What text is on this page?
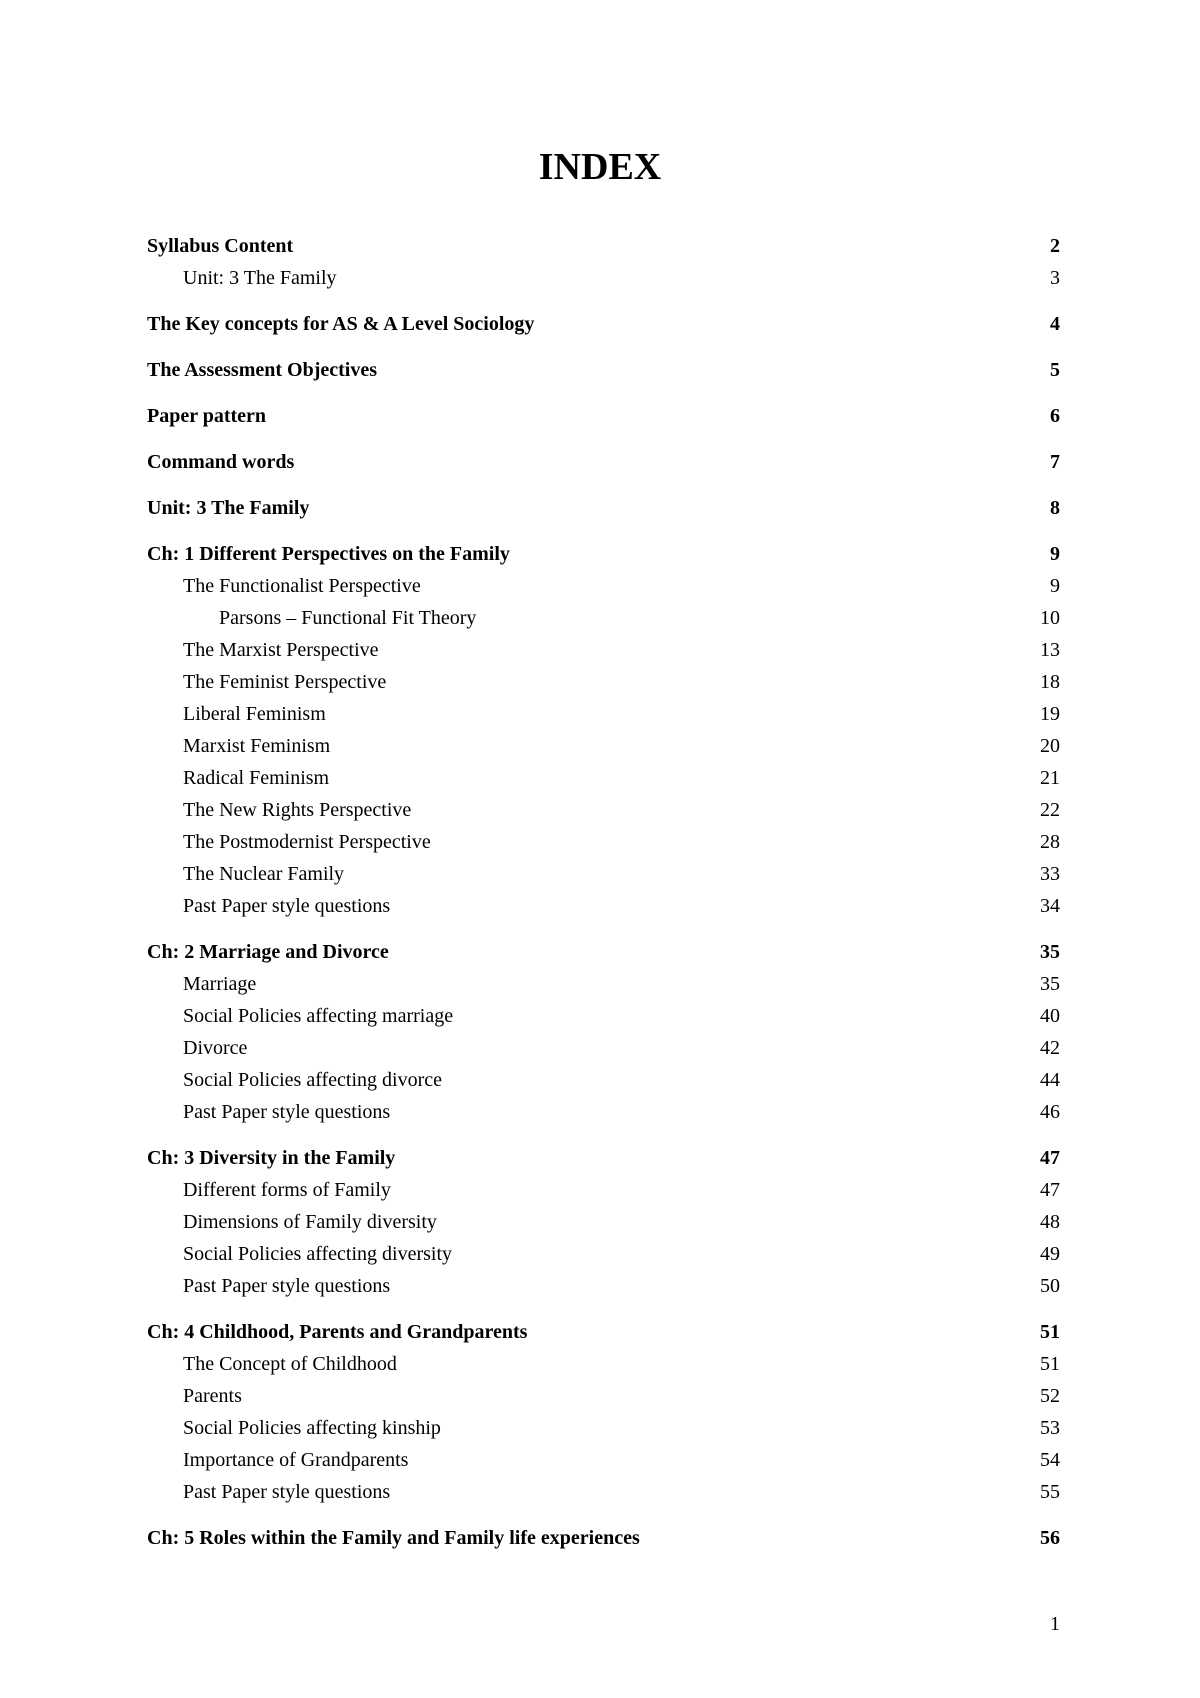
INDEX
Syllabus Content	2
Unit: 3 The Family	3
The Key concepts for AS & A Level Sociology	4
The Assessment Objectives	5
Paper pattern	6
Command words	7
Unit: 3 The Family	8
Ch: 1 Different Perspectives on the Family	9
The Functionalist Perspective	9
Parsons – Functional Fit Theory	10
The Marxist Perspective	13
The Feminist Perspective	18
Liberal Feminism	19
Marxist Feminism	20
Radical Feminism	21
The New Rights Perspective	22
The Postmodernist Perspective	28
The Nuclear Family	33
Past Paper style questions	34
Ch: 2 Marriage and Divorce	35
Marriage	35
Social Policies affecting marriage	40
Divorce	42
Social Policies affecting divorce	44
Past Paper style questions	46
Ch: 3 Diversity in the Family	47
Different forms of Family	47
Dimensions of Family diversity	48
Social Policies affecting diversity	49
Past Paper style questions	50
Ch: 4 Childhood, Parents and Grandparents	51
The Concept of Childhood	51
Parents	52
Social Policies affecting kinship	53
Importance of Grandparents	54
Past Paper style questions	55
Ch: 5 Roles within the Family and Family life experiences	56
1
